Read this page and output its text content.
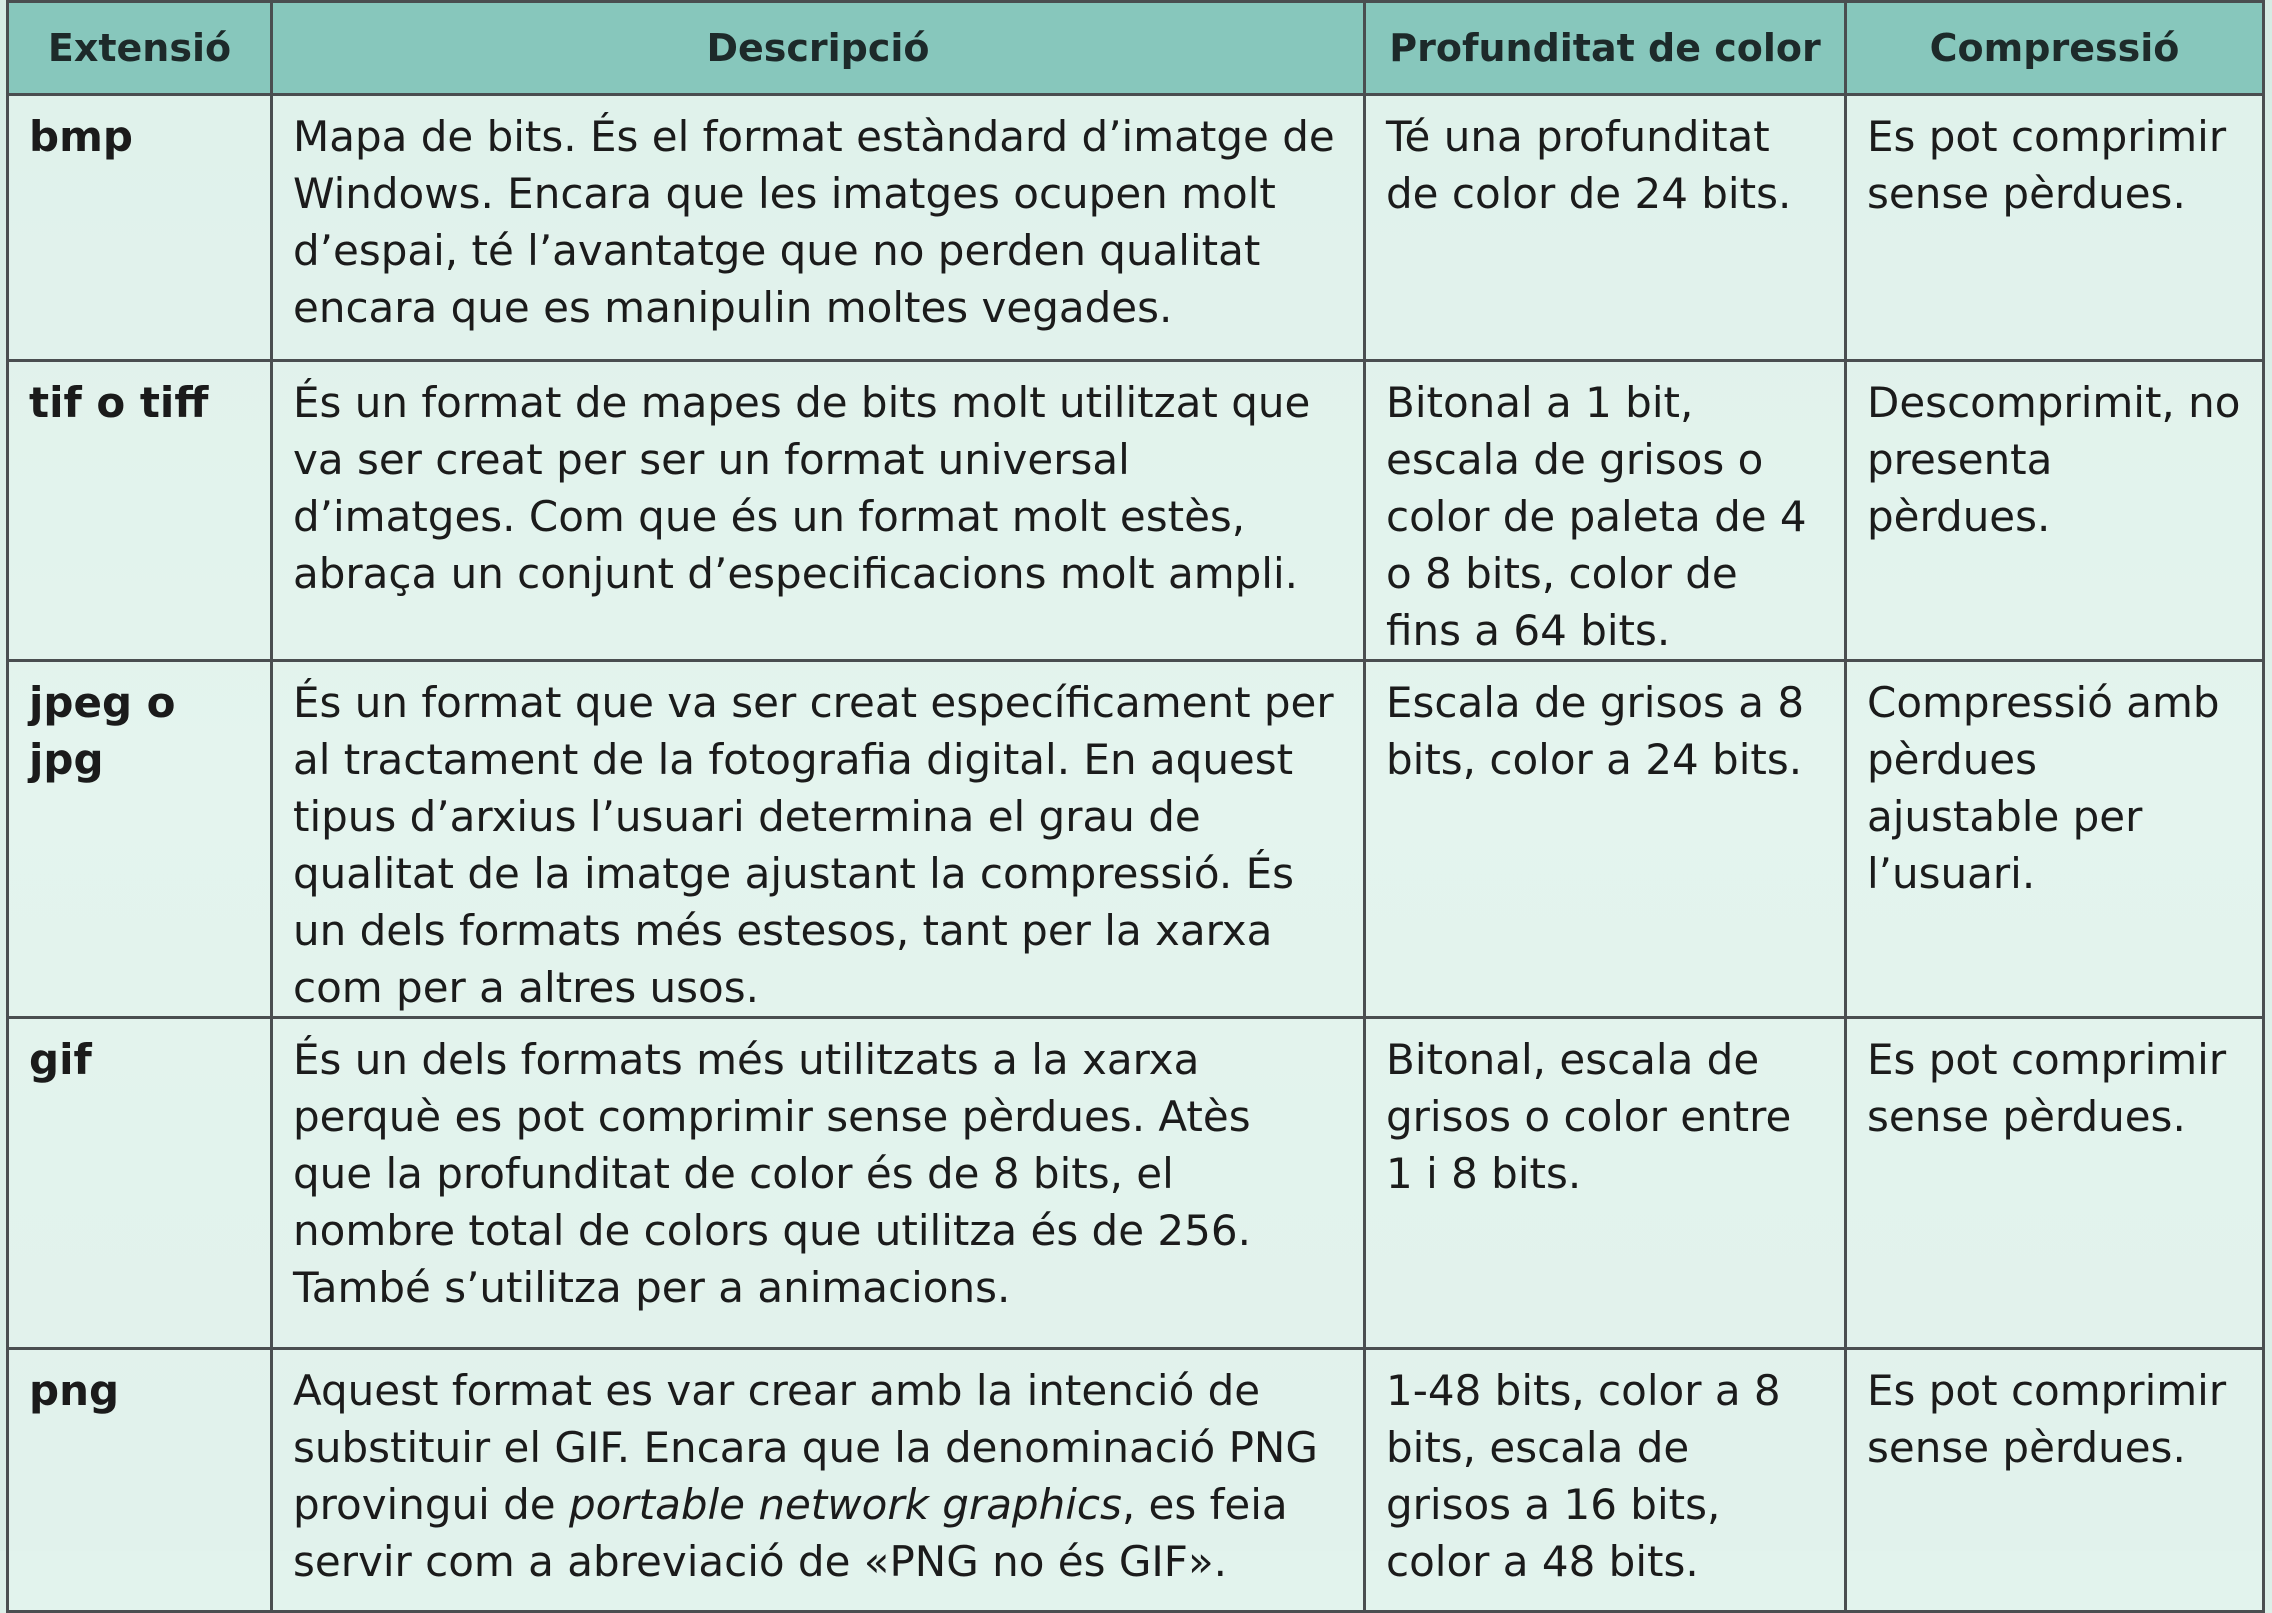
Extensió	Descripció	Profunditat de color	Compressió
bmp	Mapa de bits. És el format estàndard d’imatge de Windows. Encara que les imatges ocupen molt d’espai, té l’avantatge que no perden qualitat encara que es manipulin moltes vegades.	Té una profunditat de color de 24 bits.	Es pot comprimir sense pèrdues.
tif o tiff	És un format de mapes de bits molt utilitzat que va ser creat per ser un format universal d’imatges. Com que és un format molt estès, abraça un conjunt d’especificacions molt ampli.	Bitonal a 1 bit, escala de grisos o color de paleta de 4 o 8 bits, color de fins a 64 bits.	Descomprimit, no presenta pèrdues.
jpeg o jpg	És un format que va ser creat específicament per al tractament de la fotografia digital. En aquest tipus d’arxius l’usuari determina el grau de qualitat de la imatge ajustant la compressió. És un dels formats més estesos, tant per la xarxa com per a altres usos.	Escala de grisos a 8 bits, color a 24 bits.	Compressió amb pèrdues ajustable per l’usuari.
gif	És un dels formats més utilitzats a la xarxa perquè es pot comprimir sense pèrdues. Atès que la profunditat de color és de 8 bits, el nombre total de colors que utilitza és de 256. També s’utilitza per a animacions.	Bitonal, escala de grisos o color entre 1 i 8 bits.	Es pot comprimir sense pèrdues.
png	Aquest format es var crear amb la intenció de substituir el GIF. Encara que la denominació PNG provingui de portable network graphics, es feia servir com a abreviació de «PNG no és GIF».	1-48 bits, color a 8 bits, escala de grisos a 16 bits, color a 48 bits.	Es pot comprimir sense pèrdues.
